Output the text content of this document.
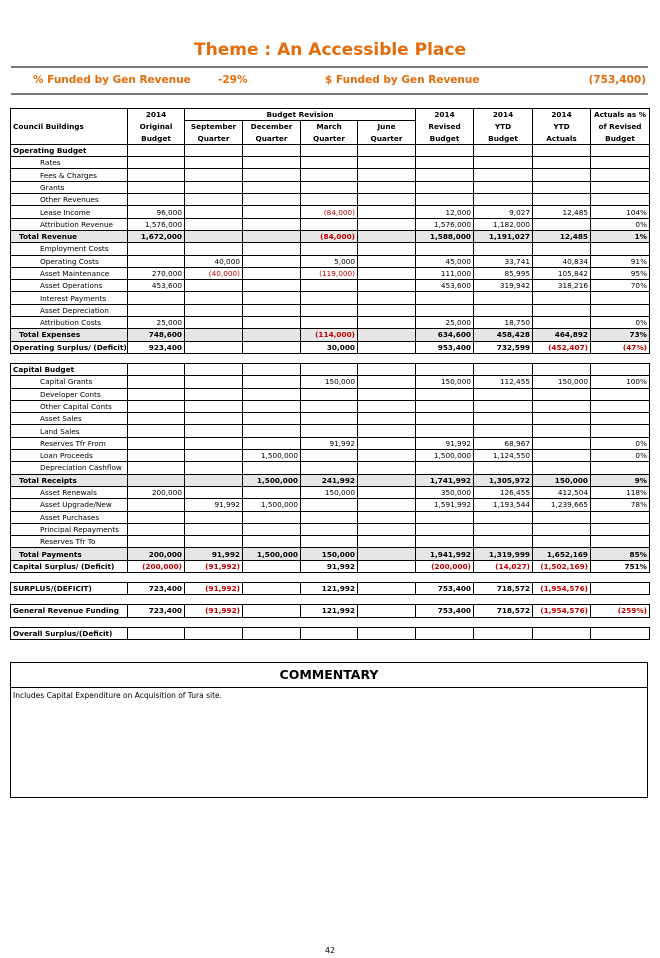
Theme : An Accessible Place
% Funded by Gen Revenue	-29%	$ Funded by Gen Revenue	(753,400)
	2014	Budget Revision				2014	2014	2014	Actuals as %
Council Buildings	Original	September	December	March	June	Revised	YTD	YTD	of Revised
	Budget	Quarter	Quarter	Quarter	Quarter	Budget	Budget	Actuals	Budget
Operating Budget									
Rates									
Fees & Charges									
Grants									
Other Revenues									
Lease Income	96,000			(84,000)		12,000	9,027	12,485	104%
Attribution Revenue	1,576,000					1,576,000	1,182,000		0%
Total Revenue	1,672,000			(84,000)		1,588,000	1,191,027	12,485	1%
Employment Costs									
Operating Costs		40,000		5,000		45,000	33,741	40,834	91%
Asset Maintenance	270,000	(40,000)		(119,000)		111,000	85,995	105,842	95%
Asset Operations	453,600					453,600	319,942	318,216	70%
Interest Payments									
Asset Depreciation									
Attribution Costs	25,000					25,000	18,750		0%
Total Expenses	748,600			(114,000)		634,600	458,428	464,892	73%
Operating Surplus/ (Deficit)	923,400			30,000		953,400	732,599	(452,407)	(47%)

Capital Budget									
Capital Grants				150,000		150,000	112,455	150,000	100%
Developer Conts									
Other Capital Conts									
Asset Sales									
Land Sales									
Reserves Tfr From				91,992		91,992	68,967		0%
Loan Proceeds			1,500,000			1,500,000	1,124,550		0%
Depreciation Cashflow									
Total Receipts			1,500,000	241,992		1,741,992	1,305,972	150,000	9%
Asset Renewals	200,000			150,000		350,000	126,455	412,504	118%
Asset Upgrade/New		91,992	1,500,000			1,591,992	1,193,544	1,239,665	78%
Asset Purchases									
Principal Repayments									
Reserves Tfr To									
Total Payments	200,000	91,992	1,500,000	150,000		1,941,992	1,319,999	1,652,169	85%
Capital Surplus/ (Deficit)	(200,000)	(91,992)		91,992		(200,000)	(14,027)	(1,502,169)	751%

SURPLUS/(DEFICIT)	723,400	(91,992)		121,992		753,400	718,572	(1,954,576)	

General Revenue Funding	723,400	(91,992)		121,992		753,400	718,572	(1,954,576)	(259%)

Overall Surplus/(Deficit)									
COMMENTARY
Includes Capital Expenditure on Acquisition of Tura site.
42
